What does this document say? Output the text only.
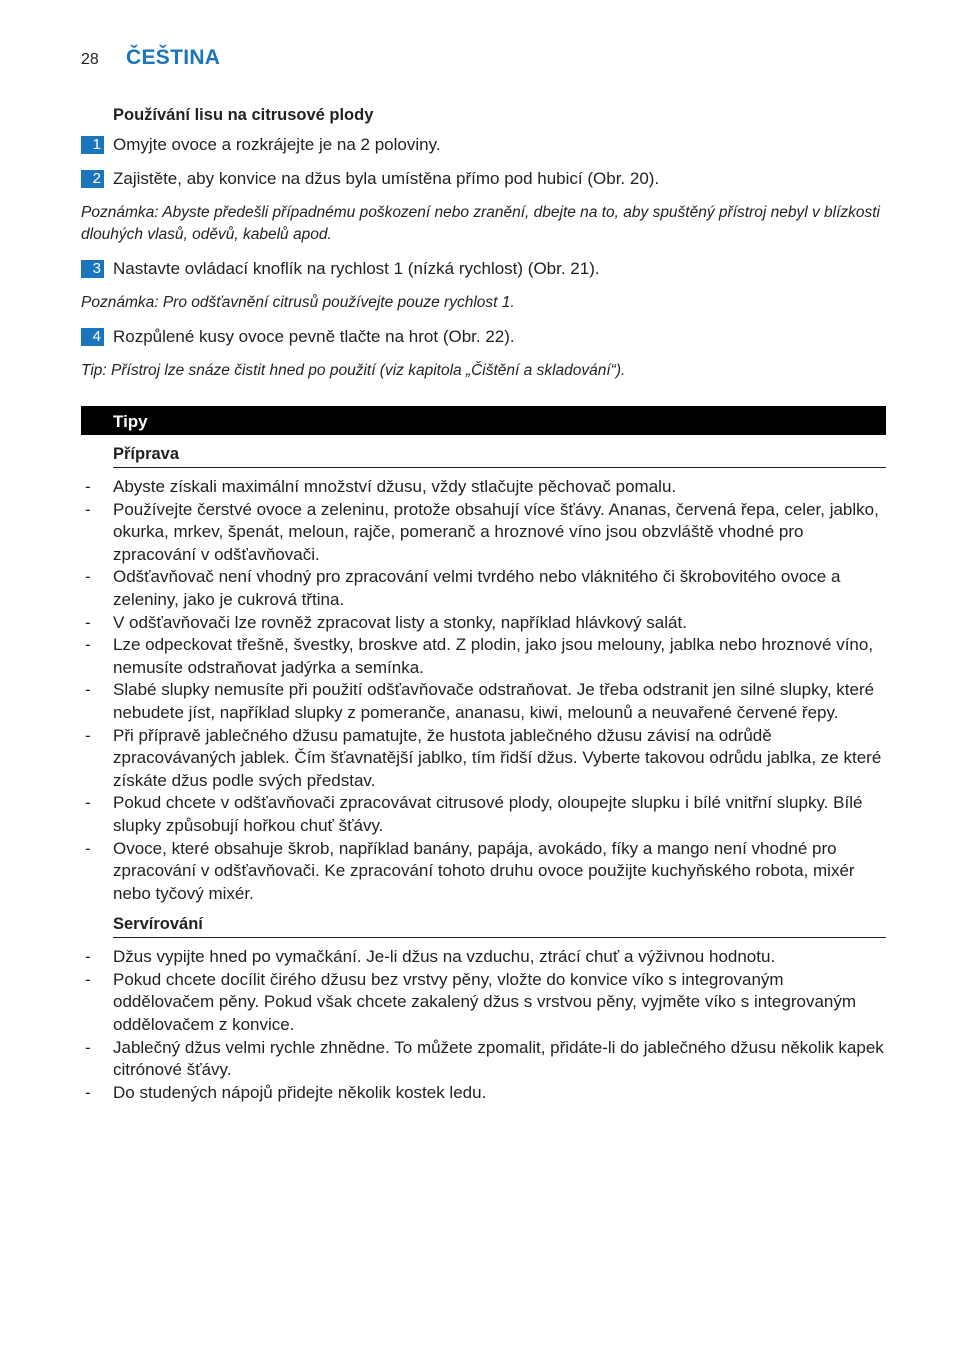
28	ČEŠTINA
Používání lisu na citrusové plody
1 Omyjte ovoce a rozkrájejte je na 2 poloviny.
2 Zajistěte, aby konvice na džus byla umístěna přímo pod hubicí (Obr. 20).
Poznámka: Abyste předešli případnému poškození nebo zranění, dbejte na to, aby spuštěný přístroj nebyl v blízkosti dlouhých vlasů, oděvů, kabelů apod.
3 Nastavte ovládací knoflík na rychlost 1 (nízká rychlost) (Obr. 21).
Poznámka: Pro odšťavnění citrusů používejte pouze rychlost 1.
4 Rozpůlené kusy ovoce pevně tlačte na hrot (Obr. 22).
Tip: Přístroj lze snáze čistit hned po použití (viz kapitola „Čištění a skladování“).
Tipy
Příprava
- Abyste získali maximální množství džusu, vždy stlačujte pěchovač pomalu.
- Používejte čerstvé ovoce a zeleninu, protože obsahují více šťávy. Ananas, červená řepa, celer, jablko, okurka, mrkev, špenát, meloun, rajče, pomeranč a hroznové víno jsou obzvláště vhodné pro zpracování v odšťavňovači.
- Odšťavňovač není vhodný pro zpracování velmi tvrdého nebo vláknitého či škrobovitého ovoce a zeleniny, jako je cukrová třtina.
- V odšťavňovači lze rovněž zpracovat listy a stonky, například hlávkový salát.
- Lze odpeckovat třešně, švestky, broskve atd. Z plodin, jako jsou melouny, jablka nebo hroznové víno, nemusíte odstraňovat jadýrka a semínka.
- Slabé slupky nemusíte při použití odšťavňovače odstraňovat. Je třeba odstranit jen silné slupky, které nebudete jíst, například slupky z pomeranče, ananasu, kiwi, melounů a neuvařené červené řepy.
- Při přípravě jablečného džusu pamatujte, že hustota jablečného džusu závisí na odrůdě zpracovávaných jablek. Čím šťavnatější jablko, tím řidší džus. Vyberte takovou odrůdu jablka, ze které získáte džus podle svých představ.
- Pokud chcete v odšťavňovači zpracovávat citrusové plody, oloupejte slupku i bílé vnitřní slupky. Bílé slupky způsobují hořkou chuť šťávy.
- Ovoce, které obsahuje škrob, například banány, papája, avokádo, fíky a mango není vhodné pro zpracování v odšťavňovači. Ke zpracování tohoto druhu ovoce použijte kuchyňského robota, mixér nebo tyčový mixér.
Servírování
- Džus vypijte hned po vymačkání. Je-li džus na vzduchu, ztrácí chuť a výživnou hodnotu.
- Pokud chcete docílit čirého džusu bez vrstvy pěny, vložte do konvice víko s integrovaným oddělovačem pěny. Pokud však chcete zakalený džus s vrstvou pěny, vyjměte víko s integrovaným oddělovačem z konvice.
- Jablečný džus velmi rychle zhnědne. To můžete zpomalit, přidáte-li do jablečného džusu několik kapek citrónové šťávy.
- Do studených nápojů přidejte několik kostek ledu.
